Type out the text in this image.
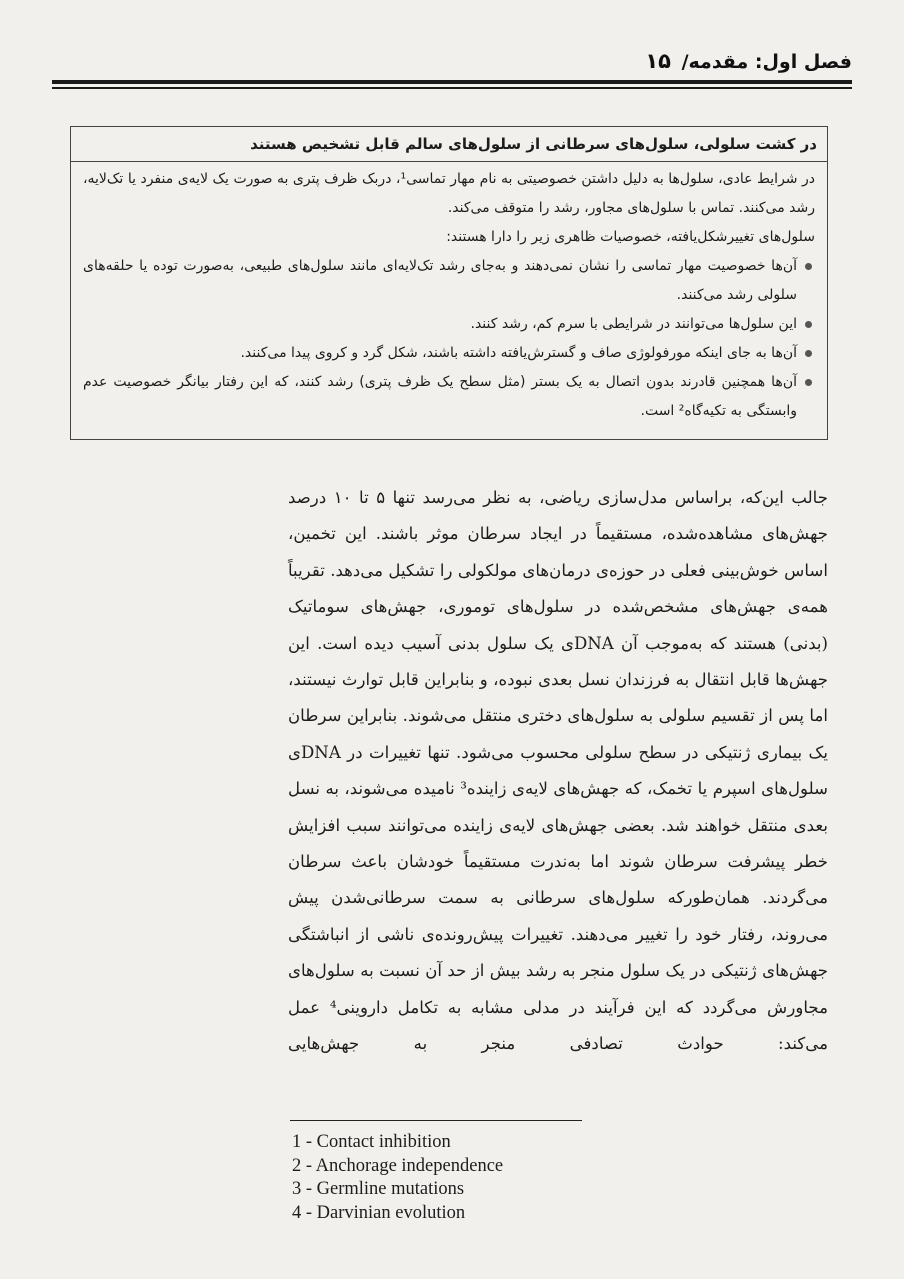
فصل اول: مقدمه/ ۱۵
در کشت سلولی، سلول‌های سرطانی از سلول‌های سالم قابل تشخیص هستند

در شرایط عادی، سلول‌ها به دلیل داشتن خصوصیتی به نام مهار تماسی¹، دربک ظرف پتری به صورت یک لایه‌ی منفرد یا تک‌لایه، رشد می‌کنند. تماس با سلول‌های مجاور، رشد را متوقف می‌کند.

سلول‌های تغییرشکل‌یافته، خصوصیات ظاهری زیر را دارا هستند:

آن‌ها خصوصیت مهار تماسی را نشان نمی‌دهند و به‌جای رشد تک‌لایه‌ای مانند سلول‌های طبیعی، به‌صورت توده یا حلقه‌های سلولی رشد می‌کنند.
این سلول‌ها می‌توانند در شرایطی با سرم کم، رشد کنند.
آن‌ها به جای اینکه مورفولوژی صاف و گسترش‌یافته داشته باشند، شکل گرد و کروی پیدا می‌کنند.
آن‌ها همچنین قادرند بدون اتصال به یک بستر (مثل سطح یک ظرف پتری) رشد کنند، که این رفتار بیانگر خصوصیت عدم وابستگی به تکیه‌گاه² است.

جالب این‌که، براساس مدل‌سازی ریاضی، به نظر می‌رسد تنها ۵ تا ۱۰ درصد جهش‌های مشاهده‌شده، مستقیماً در ایجاد سرطان موثر باشند. این تخمین، اساس خوش‌بینی فعلی در حوزه‌ی درمان‌های مولکولی را تشکیل می‌دهد. تقریباً همه‌ی جهش‌های مشخص‌شده در سلول‌های توموری، جهش‌های سوماتیک (بدنی) هستند که به‌موجب آن DNAی یک سلول بدنی آسیب دیده است. این جهش‌ها قابل انتقال به فرزندان نسل بعدی نبوده، و بنابراین قابل توارث نیستند، اما پس از تقسیم سلولی به سلول‌های دختری منتقل می‌شوند. بنابراین سرطان یک بیماری ژنتیکی در سطح سلولی محسوب می‌شود. تنها تغییرات در DNAی سلول‌های اسپرم یا تخمک، که جهش‌های لایه‌ی زاینده³ نامیده می‌شوند، به نسل بعدی منتقل خواهند شد. بعضی جهش‌های لایه‌ی زاینده می‌توانند سبب افزایش خطر پیشرفت سرطان شوند اما به‌ندرت مستقیماً خودشان باعث سرطان می‌گردند. همان‌طورکه سلول‌های سرطانی به سمت سرطانی‌شدن پیش می‌روند، رفتار خود را تغییر می‌دهند. تغییرات پیش‌رونده‌ی ناشی از انباشتگی جهش‌های ژنتیکی در یک سلول منجر به رشد بیش از حد آن نسبت به سلول‌های مجاورش می‌گردد که این فرآیند در مدلی مشابه به تکامل داروینی⁴ عمل می‌کند: حوادث تصادفی منجر به جهش‌هایی

1 - Contact inhibition
2 - Anchorage independence
3 - Germline mutations
4 - Darvinian evolution
